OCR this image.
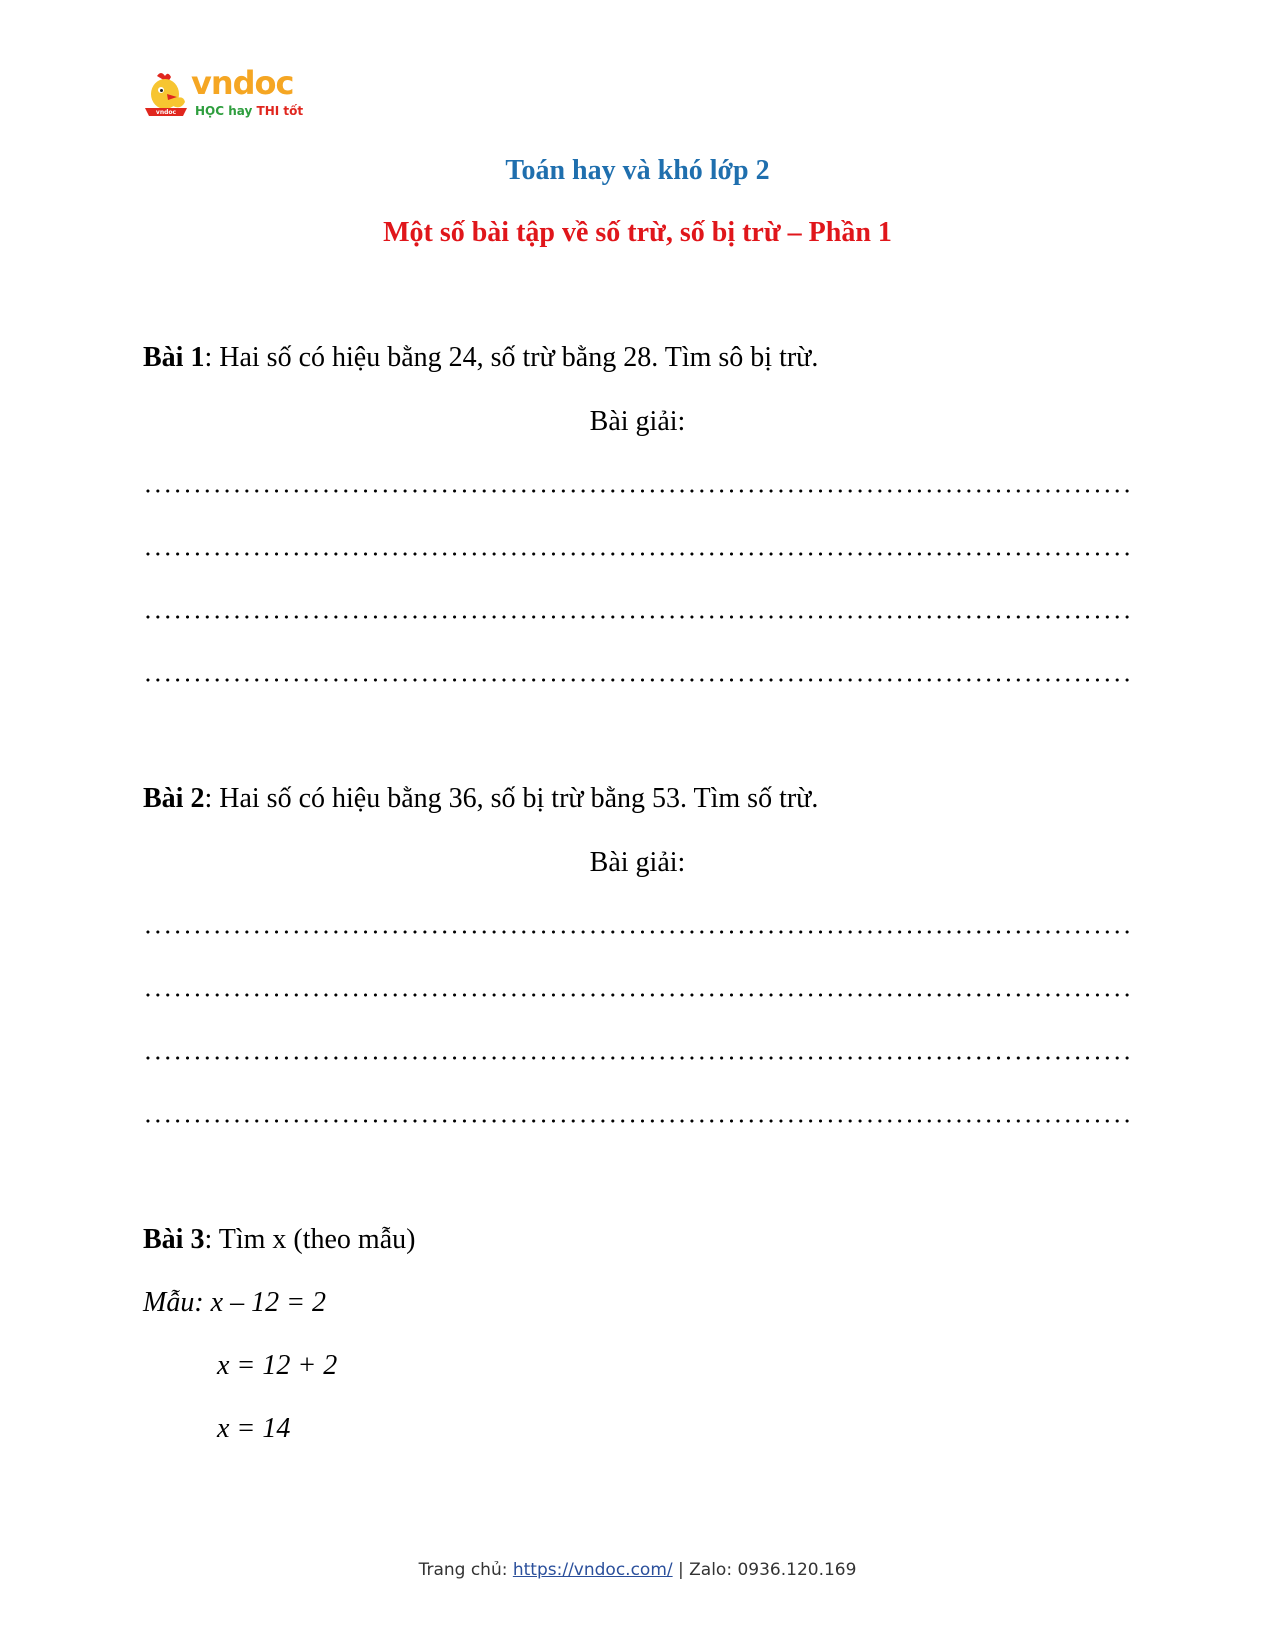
vndoc
vndoc
HỌC hay THI tốt
Toán hay và khó lớp 2
Một số bài tập về số trừ, số bị trừ – Phần 1
Bài 1: Hai số có hiệu bằng 24, số trừ bằng 28. Tìm sô bị trừ.
Bài giải:
Bài 2: Hai số có hiệu bằng 36, số bị trừ bằng 53. Tìm số trừ.
Bài giải:
Bài 3: Tìm x (theo mẫu)
Mẫu: x – 12 = 2
x = 12 + 2
x = 14
Trang chủ: https://vndoc.com/ | Zalo: 0936.120.169
